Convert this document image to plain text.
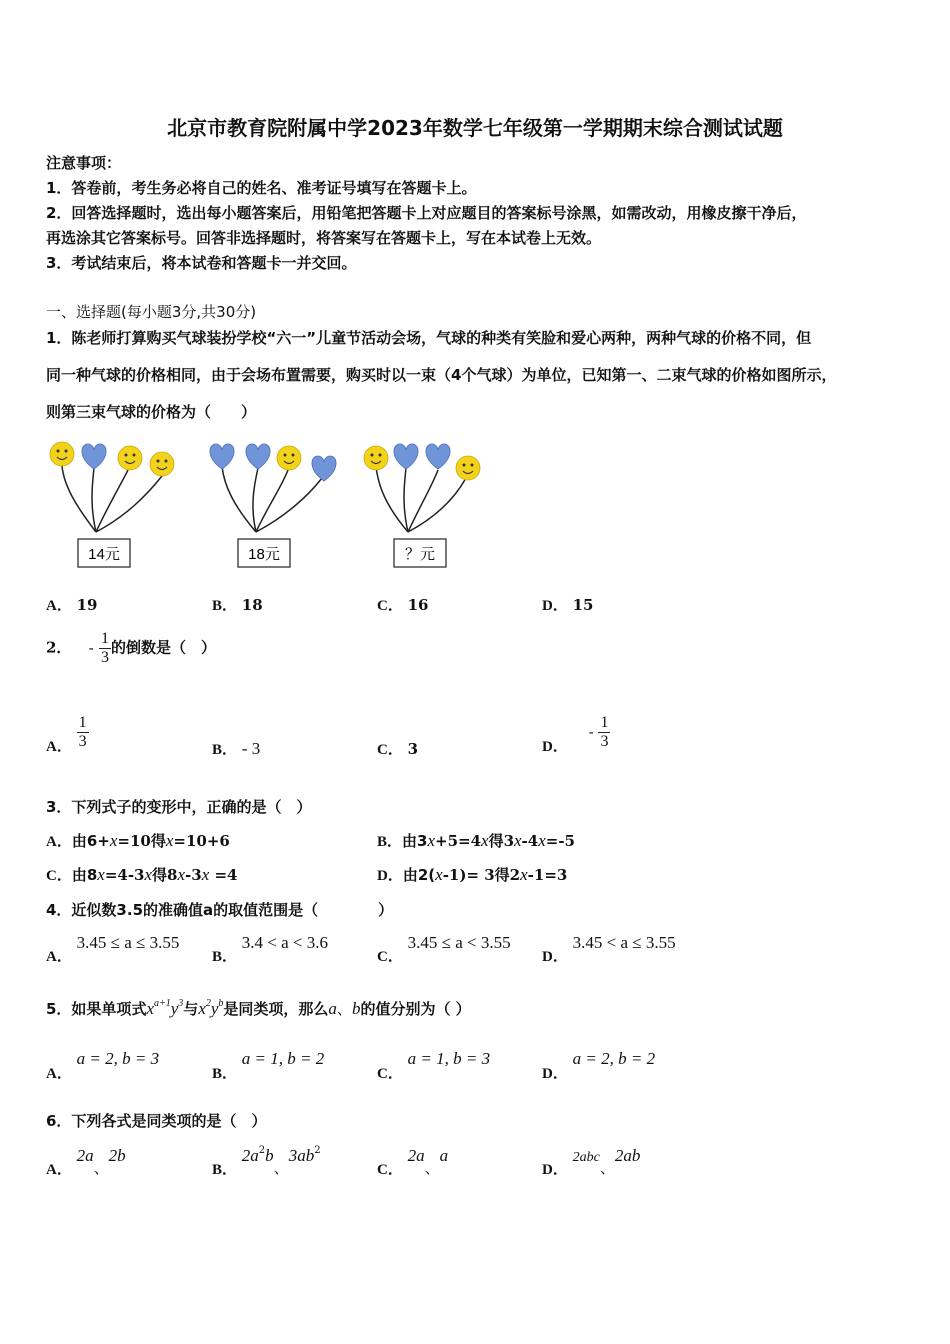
北京市教育院附属中学2023年数学七年级第一学期期末综合测试试题
注意事项：
1．答卷前，考生务必将自己的姓名、准考证号填写在答题卡上。
2．回答选择题时，选出每小题答案后，用铅笔把答题卡上对应题目的答案标号涂黑，如需改动，用橡皮擦干净后，
再选涂其它答案标号。回答非选择题时，将答案写在答题卡上，写在本试卷上无效。
3．考试结束后，将本试卷和答题卡一并交回。
一、选择题(每小题3分,共30分)
1．陈老师打算购买气球装扮学校“六一”儿童节活动会场，气球的种类有笑脸和爱心两种，两种气球的价格不同，但
同一种气球的价格相同，由于会场布置需要，购买时以一束（4个气球）为单位，已知第一、二束气球的价格如图所示，
则第三束气球的价格为（　　）
14元	18元	？元
A． 19	B． 18	C． 16	D． 15
2． - $\frac{1}{3}$ 的倒数是（　）
A． $\frac{1}{3}$	B． - 3	C． 3	D． - $\frac{1}{3}$
3．下列式子的变形中，正确的是（　）
A．由6+x=10得x=10+6	B．由3x+5=4x得3x-4x=-5
C．由8x=4-3x得8x-3x =4	D．由2(x-1)= 3得2x-1=3
4．近似数3.5的准确值a的取值范围是（　　　　）
A． 3.45 ≤ a ≤ 3.55
B． 3.4 < a < 3.6
C． 3.45 ≤ a < 3.55
D． 3.45 < a ≤ 3.55
5．如果单项式$x^{a+1}y^3$与$x^2y^b$是同类项，那么a、b的值分别为（ ）
A． a = 2, b = 3
B． a = 1, b = 2
C． a = 1, b = 3
D． a = 2, b = 2
6．下列各式是同类项的是（　）
A． 2a、2b
B． $2a^2b$、$3ab^2$
C． 2a、a
D． 2abc、2ab
